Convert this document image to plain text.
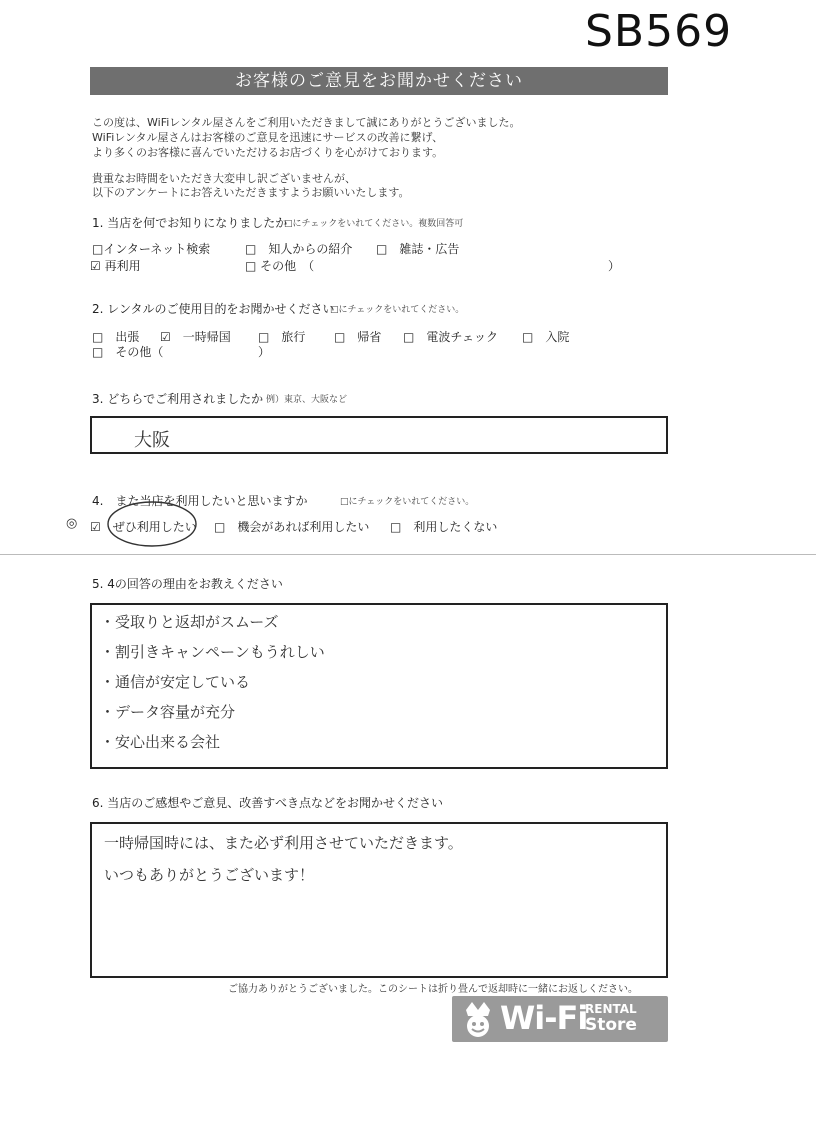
SB569
お客様のご意見をお聞かせください
この度は、WiFiレンタル屋さんをご利用いただきまして誠にありがとうございました。
WiFiレンタル屋さんはお客様のご意見を迅速にサービスの改善に繋げ、
より多くのお客様に喜んでいただけるお店づくりを心がけております。
貴重なお時間をいただき大変申し訳ございませんが、
以下のアンケートにお答えいただきますようお願いいたします。
1. 当店を何でお知りになりましたか
□にチェックをいれてください。複数回答可
□インターネット検索	□　知人からの紹介 □　雑誌・広告
☑ 再利用	□ その他　（	）
2. レンタルのご使用目的をお聞かせください
□にチェックをいれてください。
□　出張 ☑　一時帰国 □　旅行 □　帰省 □　電波チェック □　入院
□　その他（	）
3. どちらでご利用されましたか 例）東京、大阪など
大阪
4.　また当店を利用したいと思いますか	□にチェックをいれてください。
◎ ☑　ぜひ利用したい □　機会があれば利用したい □　利用したくない
5. 4の回答の理由をお教えください
・受取りと返却がスムーズ
・割引きキャンペーンもうれしい
・通信が安定している
・データ容量が充分
・安心出来る会社
6. 当店のご感想やご意見、改善すべき点などをお聞かせください
一時帰国時には、また必ず利用させていただきます。
いつもありがとうございます！
ご協力ありがとうございました。このシートは折り畳んで返却時に一緒にお返しください。
Wi-Fi
RENTAL
Store
